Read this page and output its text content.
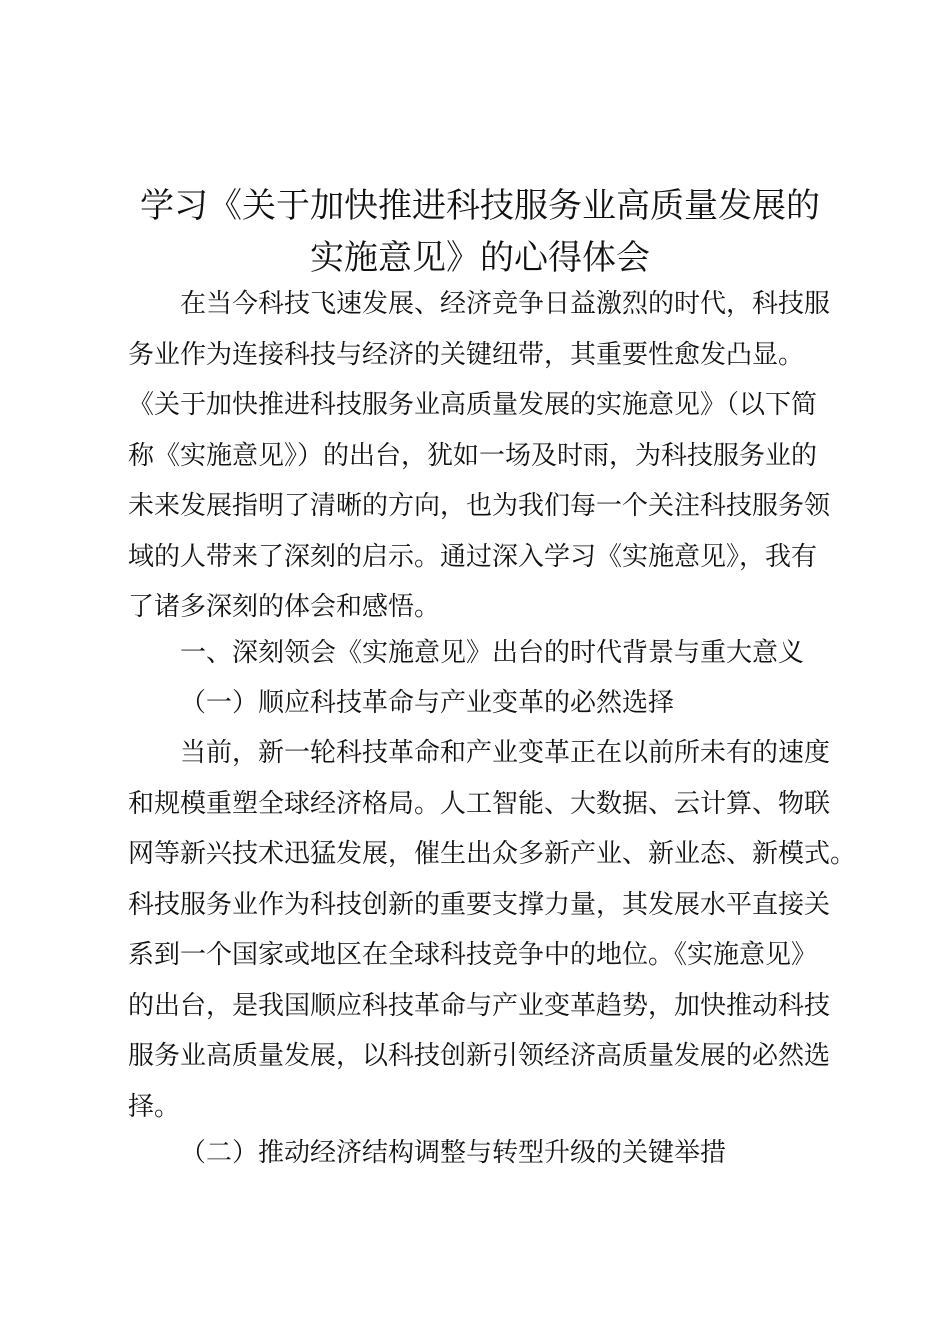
学习《关于加快推进科技服务业高质量发展的
实施意见》的心得体会
在当今科技飞速发展、经济竞争日益激烈的时代，科技服
务业作为连接科技与经济的关键纽带，其重要性愈发凸显。
《关于加快推进科技服务业高质量发展的实施意见》（以下简
称《实施意见》）的出台，犹如一场及时雨，为科技服务业的
未来发展指明了清晰的方向，也为我们每一个关注科技服务领
域的人带来了深刻的启示。通过深入学习《实施意见》，我有
了诸多深刻的体会和感悟。
一、深刻领会《实施意见》出台的时代背景与重大意义
（一）顺应科技革命与产业变革的必然选择
当前，新一轮科技革命和产业变革正在以前所未有的速度
和规模重塑全球经济格局。人工智能、大数据、云计算、物联
网等新兴技术迅猛发展，催生出众多新产业、新业态、新模式。
科技服务业作为科技创新的重要支撑力量，其发展水平直接关
系到一个国家或地区在全球科技竞争中的地位。《实施意见》
的出台，是我国顺应科技革命与产业变革趋势，加快推动科技
服务业高质量发展，以科技创新引领经济高质量发展的必然选
择。
（二）推动经济结构调整与转型升级的关键举措
